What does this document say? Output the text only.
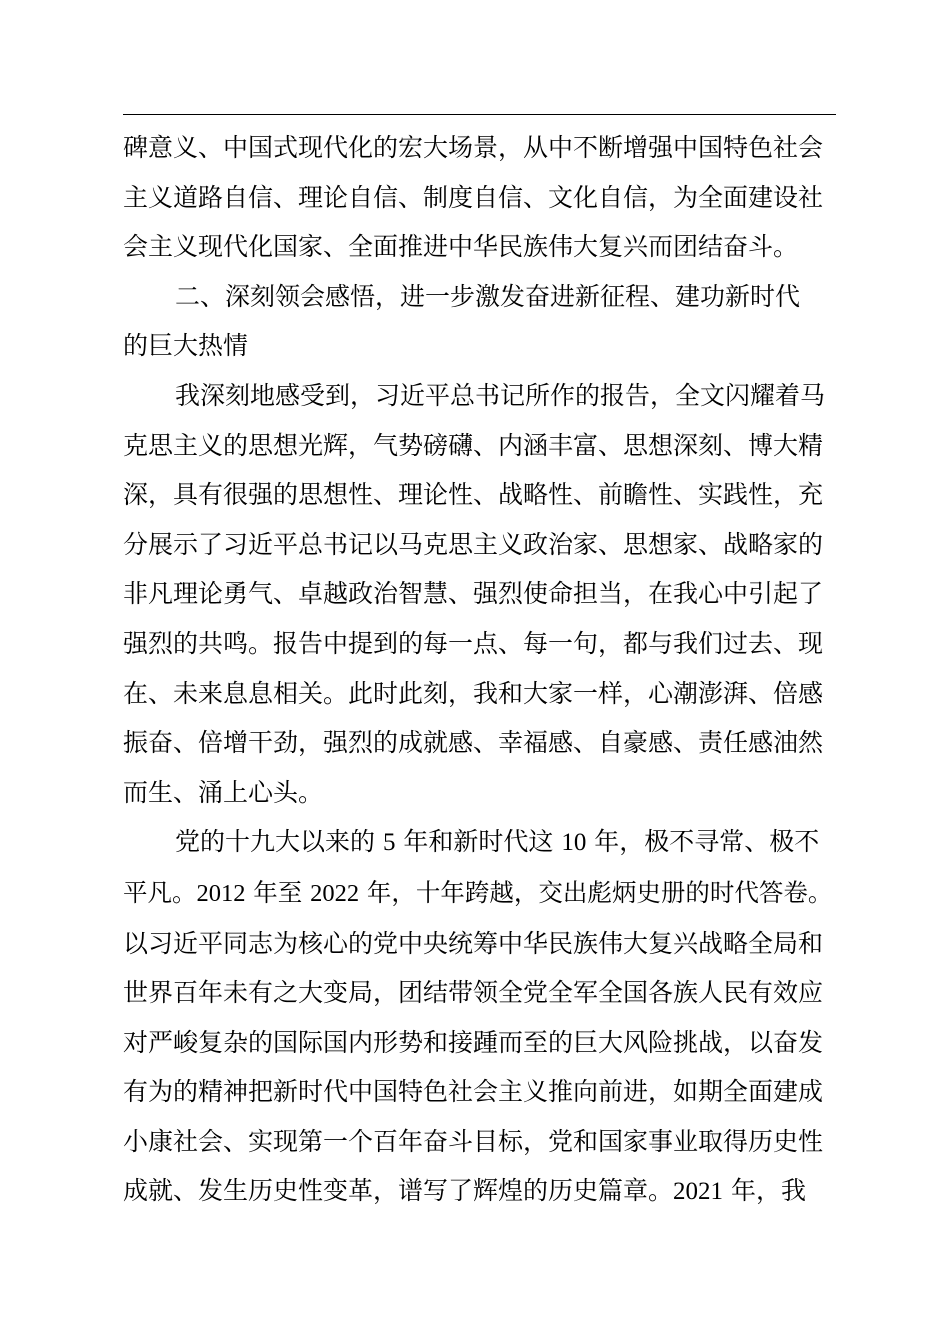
碑意义、中国式现代化的宏大场景，从中不断增强中国特色社会
主义道路自信、理论自信、制度自信、文化自信，为全面建设社
会主义现代化国家、全面推进中华民族伟大复兴而团结奋斗。

二、深刻领会感悟，进一步激发奋进新征程、建功新时代
的巨大热情

我深刻地感受到，习近平总书记所作的报告，全文闪耀着马
克思主义的思想光辉，气势磅礴、内涵丰富、思想深刻、博大精
深，具有很强的思想性、理论性、战略性、前瞻性、实践性，充
分展示了习近平总书记以马克思主义政治家、思想家、战略家的
非凡理论勇气、卓越政治智慧、强烈使命担当，在我心中引起了
强烈的共鸣。报告中提到的每一点、每一句，都与我们过去、现
在、未来息息相关。此时此刻，我和大家一样，心潮澎湃、倍感
振奋、倍增干劲，强烈的成就感、幸福感、自豪感、责任感油然
而生、涌上心头。

党的十九大以来的 5 年和新时代这 10 年，极不寻常、极不
平凡。2012 年至 2022 年，十年跨越，交出彪炳史册的时代答卷。
以习近平同志为核心的党中央统筹中华民族伟大复兴战略全局和
世界百年未有之大变局，团结带领全党全军全国各族人民有效应
对严峻复杂的国际国内形势和接踵而至的巨大风险挑战，以奋发
有为的精神把新时代中国特色社会主义推向前进，如期全面建成
小康社会、实现第一个百年奋斗目标，党和国家事业取得历史性
成就、发生历史性变革，谱写了辉煌的历史篇章。2021 年，我
